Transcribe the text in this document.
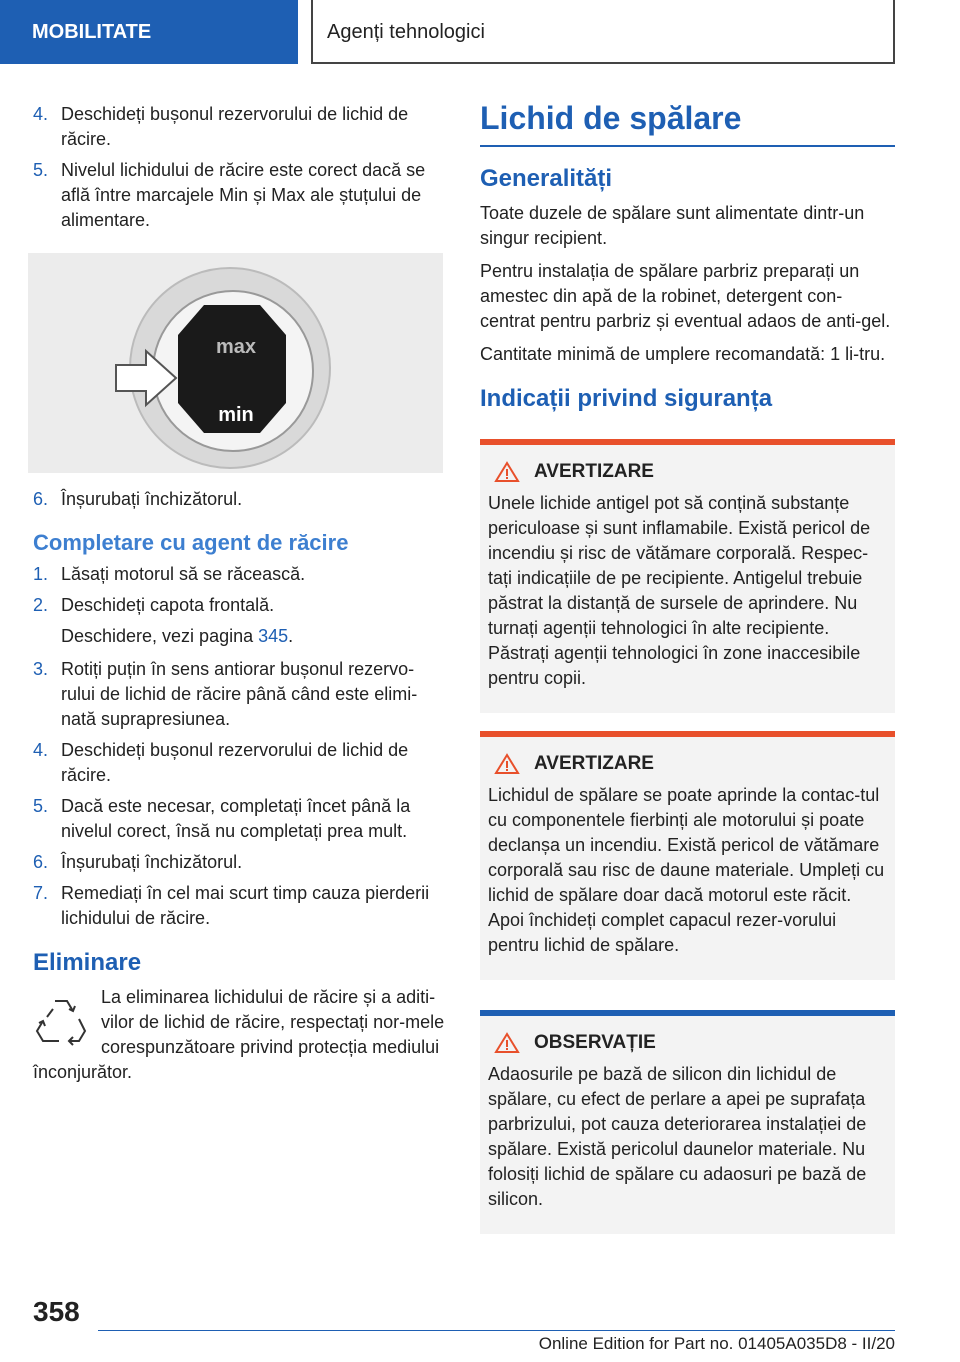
MOBILITATE	Agenți tehnologici
4. Deschideți bușonul rezervorului de lichid de răcire.
5. Nivelul lichidului de răcire este corect dacă se află între marcajele Min și Max ale ștuțului de alimentare.
max
min
6. Înșurubați închizătorul.
Completare cu agent de răcire
1. Lăsați motorul să se răcească.
2. Deschideți capota frontală.
Deschidere, vezi pagina 345.
3. Rotiți puțin în sens antiorar bușonul rezervo-rului de lichid de răcire până când este elimi-nată suprapresiunea.
4. Deschideți bușonul rezervorului de lichid de răcire.
5. Dacă este necesar, completați încet până la nivelul corect, însă nu completați prea mult.
6. Înșurubați închizătorul.
7. Remediați în cel mai scurt timp cauza pierderii lichidului de răcire.
Eliminare

La eliminarea lichidului de răcire și a aditi-vilor de lichid de răcire, respectați nor-mele corespunzătoare privind protecția mediului înconjurător.

Lichid de spălare
Generalități

Toate duzele de spălare sunt alimentate dintr-un singur recipient.

Pentru instalația de spălare parbriz preparați un amestec din apă de la robinet, detergent con-centrat pentru parbriz și eventual adaos de anti-gel.

Cantitate minimă de umplere recomandată: 1 li-tru.

Indicații privind siguranța
AVERTIZARE

Unele lichide antigel pot să conțină substanțe periculoase și sunt inflamabile. Există pericol de incendiu și risc de vătămare corporală. Respec-tați indicațiile de pe recipiente. Antigelul trebuie păstrat la distanță de sursele de aprindere. Nu turnați agenții tehnologici în alte recipiente. Păstrați agenții tehnologici în zone inaccesibile pentru copii.

AVERTIZARE

Lichidul de spălare se poate aprinde la contac-tul cu componentele fierbinți ale motorului și poate declanșa un incendiu. Există pericol de vătămare corporală sau risc de daune materiale. Umpleți cu lichid de spălare doar dacă motorul este răcit. Apoi închideți complet capacul rezer-vorului pentru lichid de spălare.

OBSERVAȚIE

Adaosurile pe bază de silicon din lichidul de spălare, cu efect de perlare a apei pe suprafața parbrizului, pot cauza deteriorarea instalației de spălare. Există pericolul daunelor materiale. Nu folosiți lichid de spălare cu adaosuri pe bază de silicon.

358
Online Edition for Part no. 01405A035D8 - II/20
